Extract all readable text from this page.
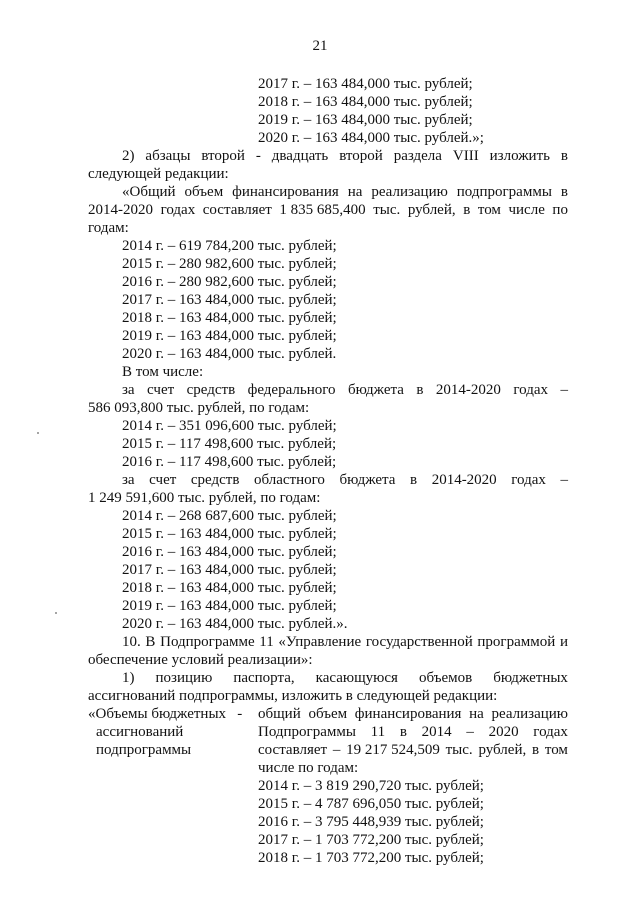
21
2017 г. – 163 484,000 тыс. рублей;
2018 г. – 163 484,000 тыс. рублей;
2019 г. – 163 484,000 тыс. рублей;
2020 г. – 163 484,000 тыс. рублей.»;
2) абзацы второй - двадцать второй раздела VIII изложить в
следующей редакции:
«Общий объем финансирования на реализацию подпрограммы в
2014-2020 годах составляет 1 835 685,400 тыс. рублей, в том числе по
годам:
2014 г. – 619 784,200 тыс. рублей;
2015 г. – 280 982,600 тыс. рублей;
2016 г. – 280 982,600 тыс. рублей;
2017 г. – 163 484,000 тыс. рублей;
2018 г. – 163 484,000 тыс. рублей;
2019 г. – 163 484,000 тыс. рублей;
2020 г. – 163 484,000 тыс. рублей.
В том числе:
за счет средств федерального бюджета в 2014-2020 годах –
586 093,800 тыс. рублей, по годам:
2014 г. – 351 096,600 тыс. рублей;
2015 г. – 117 498,600 тыс. рублей;
2016 г. – 117 498,600 тыс. рублей;
за счет средств областного бюджета в 2014-2020 годах –
1 249 591,600 тыс. рублей, по годам:
2014 г. – 268 687,600 тыс. рублей;
2015 г. – 163 484,000 тыс. рублей;
2016 г. – 163 484,000 тыс. рублей;
2017 г. – 163 484,000 тыс. рублей;
2018 г. – 163 484,000 тыс. рублей;
2019 г. – 163 484,000 тыс. рублей;
2020 г. – 163 484,000 тыс. рублей.».
10. В Подпрограмме 11 «Управление государственной программой и
обеспечение условий реализации»:
1) позицию паспорта, касающуюся объемов бюджетных
ассигнований подпрограммы, изложить в следующей редакции:
«Объемы бюджетных   -
ассигнований
подпрограммы
общий объем финансирования на реализацию
Подпрограммы 11 в 2014 – 2020 годах
составляет – 19 217 524,509 тыс. рублей, в том
числе по годам:
2014 г. – 3 819 290,720 тыс. рублей;
2015 г. – 4 787 696,050 тыс. рублей;
2016 г. – 3 795 448,939 тыс. рублей;
2017 г. – 1 703 772,200 тыс. рублей;
2018 г. – 1 703 772,200 тыс. рублей;
